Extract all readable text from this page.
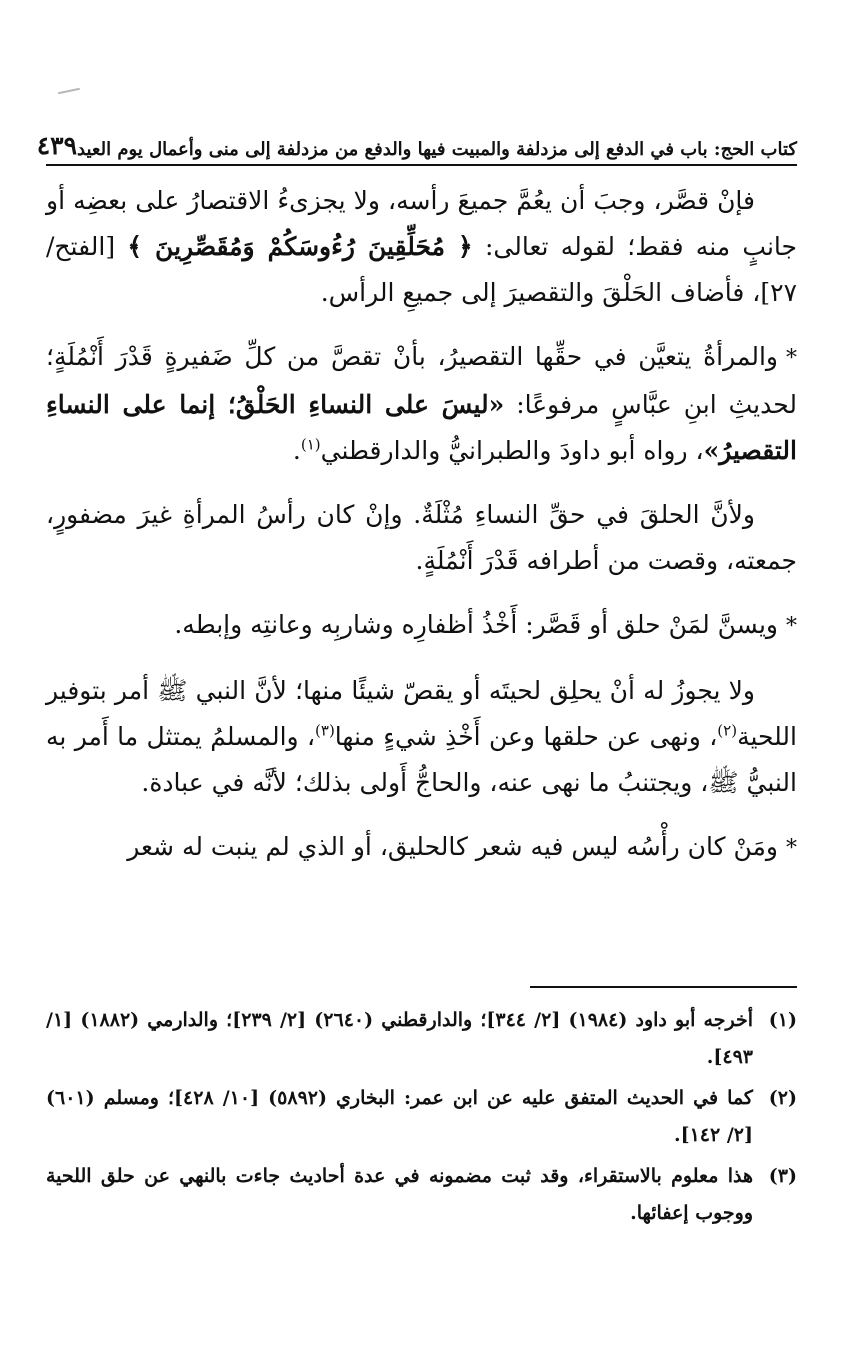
كتاب الحج: باب في الدفع إلى مزدلفة والمبيت فيها والدفع من مزدلفة إلى منى وأعمال يوم العيد
٤٣٩

فإنْ قصَّر، وجبَ أن يعُمَّ جميعَ رأسه، ولا يجزىءُ الاقتصارُ على بعضِه أو جانبٍ منه فقط؛ لقوله تعالى: ﴿ مُحَلِّقِينَ رُءُوسَكُمْ وَمُقَصِّرِينَ ﴾ [الفتح/ ٢٧]، فأضاف الحَلْقَ والتقصيرَ إلى جميعِ الرأس.

*والمرأةُ يتعيَّن في حقِّها التقصيرُ، بأنْ تقصَّ من كلِّ ضَفيرةٍ قَدْرَ أَنْمُلَةٍ؛ لحديثِ ابنِ عبَّاسٍ مرفوعًا: «ليسَ على النساءِ الحَلْقُ؛ إنما على النساءِ التقصيرُ»، رواه أبو داودَ والطبرانيُّ والدارقطني$^{(١)}$.

ولأنَّ الحلقَ في حقِّ النساءِ مُثْلَةٌ. وإنْ كان رأسُ المرأةِ غيرَ مضفورٍ، جمعته، وقصت من أطرافه قَدْرَ أَنْمُلَةٍ.

*ويسنَّ لمَنْ حلق أو قَصَّر: أَخْذُ أظفارِه وشاربِه وعانتِه وإبطه.

ولا يجوزُ له أنْ يحلِق لحيتَه أو يقصّ شيئًا منها؛ لأنَّ النبي ﷺ أمر بتوفير اللحية$^{(٢)}$، ونهى عن حلقها وعن أَخْذِ شيءٍ منها$^{(٣)}$، والمسلمُ يمتثل ما أَمر به النبيُّ ﷺ، ويجتنبُ ما نهى عنه، والحاجُّ أَولى بذلك؛ لأنَّه في عبادة.

*ومَنْ كان رأْسُه ليس فيه شعر كالحليق، أو الذي لم ينبت له شعر

(١)
أخرجه أبو داود (١٩٨٤) [٢/ ٣٤٤]؛ والدارقطني (٢٦٤٠) [٢/ ٢٣٩]؛ والدارمي (١٨٨٢) [١/ ٤٩٣].
(٢)
كما في الحديث المتفق عليه عن ابن عمر: البخاري (٥٨٩٢) [١٠/ ٤٢٨]؛ ومسلم (٦٠١) [٢/ ١٤٢].
(٣)
هذا معلوم بالاستقراء، وقد ثبت مضمونه في عدة أحاديث جاءت بالنهي عن حلق اللحية ووجوب إعفائها.
